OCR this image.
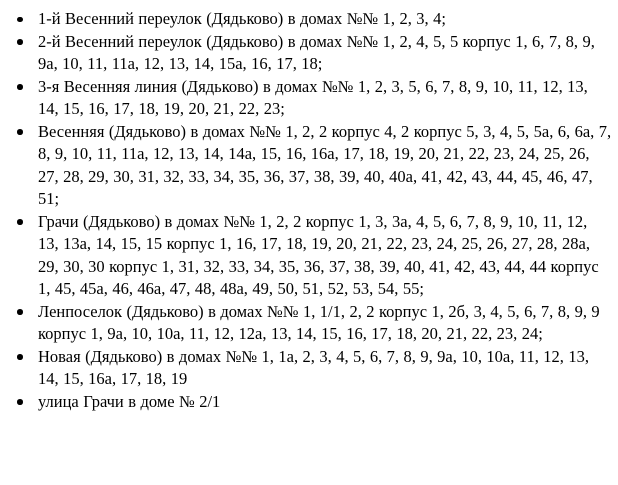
1-й Весенний переулок (Дядьково) в домах №№ 1, 2, 3, 4;
2-й Весенний переулок (Дядьково) в домах №№ 1, 2, 4, 5, 5 корпус 1, 6, 7, 8, 9, 9а, 10, 11, 11а, 12, 13, 14, 15а, 16, 17, 18;
3-я Весенняя линия (Дядьково) в домах №№ 1, 2, 3, 5, 6, 7, 8, 9, 10, 11, 12, 13, 14, 15, 16, 17, 18, 19, 20, 21, 22, 23;
Весенняя (Дядьково) в домах №№ 1, 2, 2 корпус 4, 2 корпус 5, 3, 4, 5, 5а, 6, 6а, 7, 8, 9, 10, 11, 11а, 12, 13, 14, 14а, 15, 16, 16а, 17, 18, 19, 20, 21, 22, 23, 24, 25, 26, 27, 28, 29, 30, 31, 32, 33, 34, 35, 36, 37, 38, 39, 40, 40а, 41, 42, 43, 44, 45, 46, 47, 51;
Грачи (Дядьково) в домах №№ 1, 2, 2 корпус 1, 3, 3а, 4, 5, 6, 7, 8, 9, 10, 11, 12, 13, 13а, 14, 15, 15 корпус 1, 16, 17, 18, 19, 20, 21, 22, 23, 24, 25, 26, 27, 28, 28а, 29, 30, 30 корпус 1, 31, 32, 33, 34, 35, 36, 37, 38, 39, 40, 41, 42, 43, 44, 44 корпус 1, 45, 45а, 46, 46а, 47, 48, 48а, 49, 50, 51, 52, 53, 54, 55;
Ленпоселок (Дядьково) в домах №№ 1, 1/1, 2, 2 корпус 1, 2б, 3, 4, 5, 6, 7, 8, 9, 9 корпус 1, 9а, 10, 10а, 11, 12, 12а, 13, 14, 15, 16, 17, 18, 20, 21, 22, 23, 24;
Новая (Дядьково) в домах №№ 1, 1а, 2, 3, 4, 5, 6, 7, 8, 9, 9а, 10, 10а, 11, 12, 13, 14, 15, 16а, 17, 18, 19
улица Грачи в доме № 2/1
